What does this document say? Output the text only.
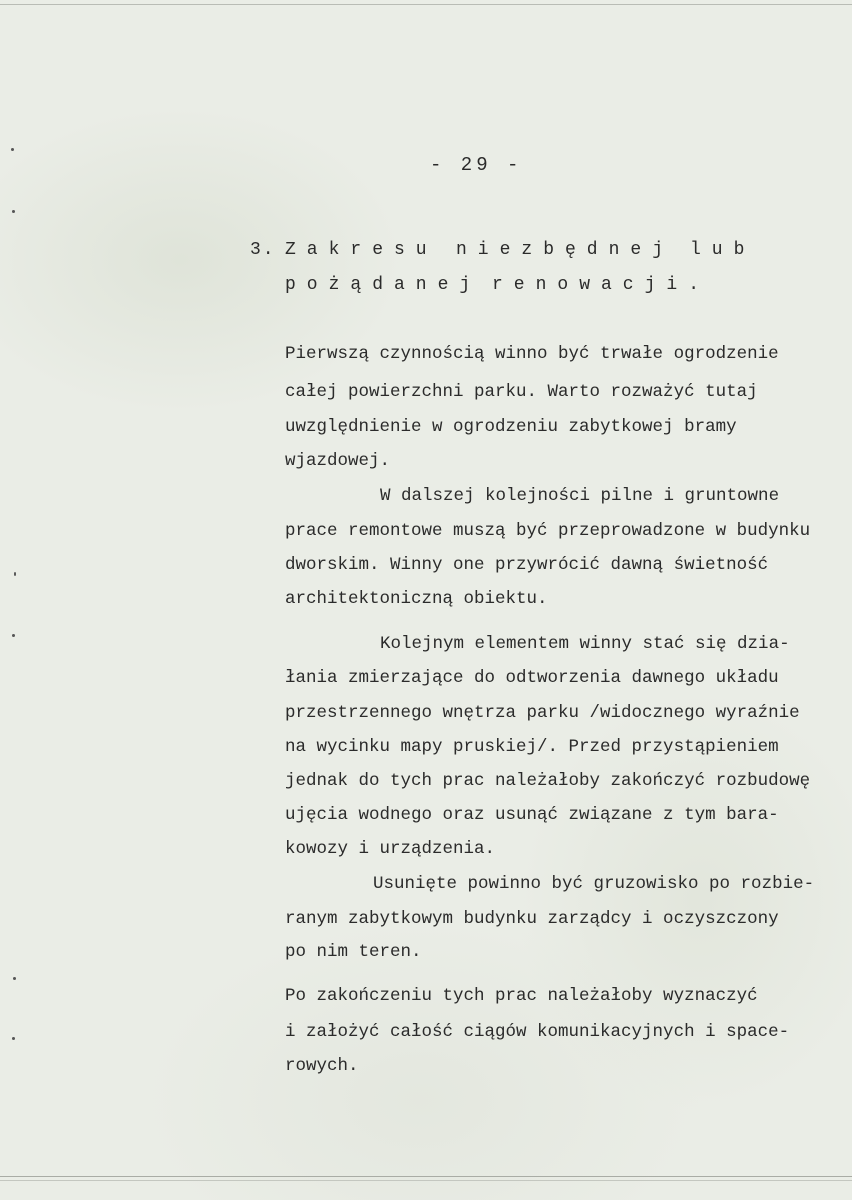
- 29 -
3. Zakresu niezbędnej lub
pożądanej renowacji.
Pierwszą czynnością winno być trwałe ogrodzenie
całej powierzchni parku. Warto rozważyć tutaj
uwzględnienie w ogrodzeniu zabytkowej bramy
wjazdowej.
W dalszej kolejności pilne i gruntowne
prace remontowe muszą być przeprowadzone w budynku
dworskim. Winny one przywrócić dawną świetność
architektoniczną obiektu.
Kolejnym elementem winny stać się dzia-
łania zmierzające do odtworzenia dawnego układu
przestrzennego wnętrza parku /widocznego wyraźnie
na wycinku mapy pruskiej/. Przed przystąpieniem
jednak do tych prac należałoby zakończyć rozbudowę
ujęcia wodnego oraz usunąć związane z tym bara-
kowozy i urządzenia.
Usunięte powinno być gruzowisko po rozbie-
ranym zabytkowym budynku zarządcy i oczyszczony
po nim teren.
Po zakończeniu tych prac należałoby wyznaczyć
i założyć całość ciągów komunikacyjnych i space-
rowych.
